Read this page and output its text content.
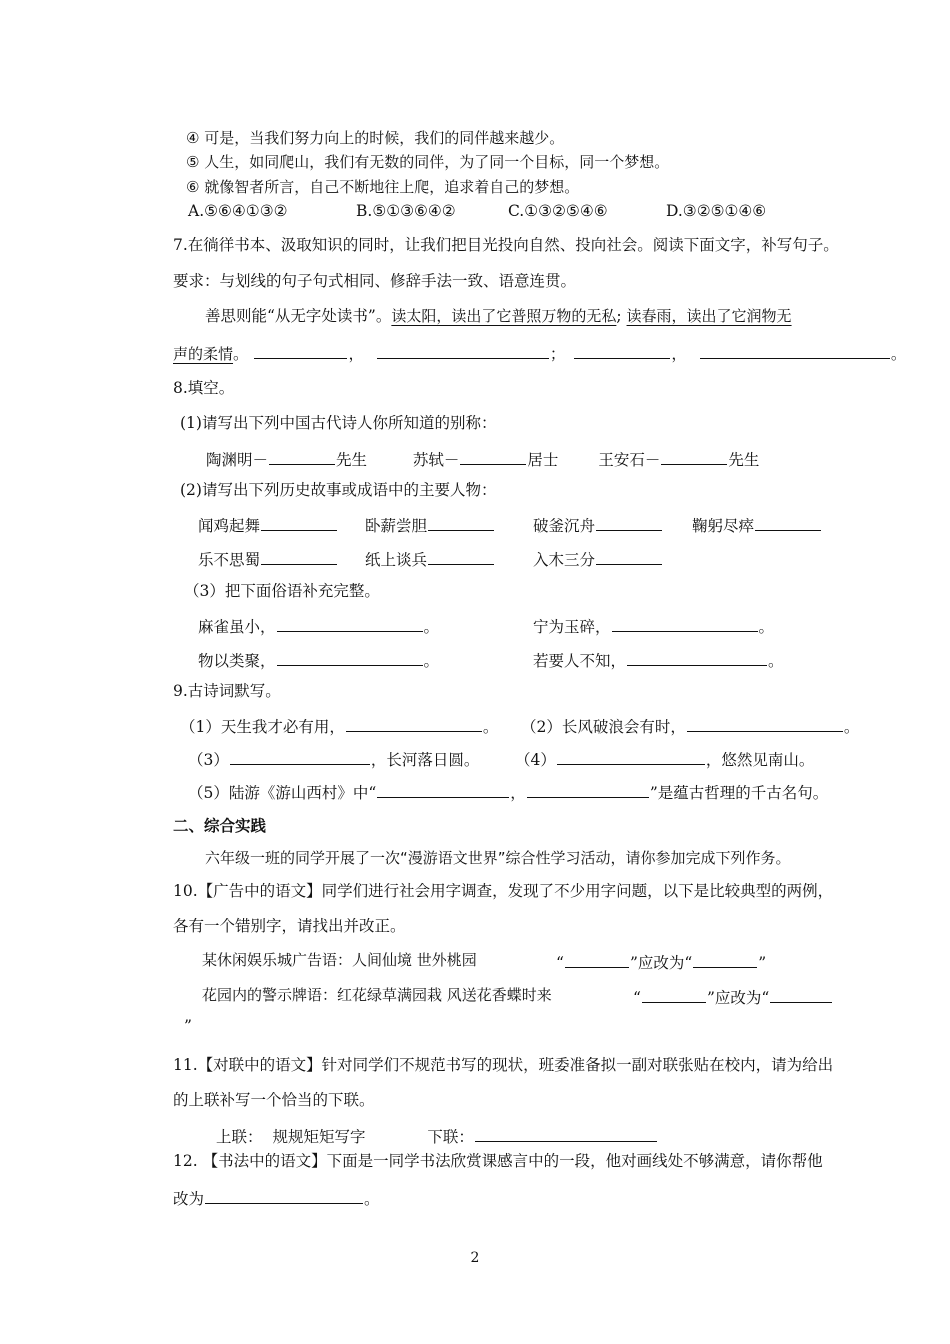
④ 可是，当我们努力向上的时候，我们的同伴越来越少。
⑤ 人生，如同爬山，我们有无数的同伴，为了同一个目标，同一个梦想。
⑥ 就像智者所言，自己不断地往上爬，追求着自己的梦想。
A.⑤⑥④①③②	B.⑤①③⑥④②	C.①③②⑤④⑥	D.③②⑤①④⑥
7.在徜徉书本、汲取知识的同时，让我们把目光投向自然、投向社会。阅读下面文字，补写句子。
要求：与划线的句子句式相同、修辞手法一致、语意连贯。
善思则能“从无字处读书”。读太阳，读出了它普照万物的无私; 读春雨，读出了它润物无
声的柔情。	，	；	，	。
8.填空。
(1)请写出下列中国古代诗人你所知道的别称：
陶渊明－	先生	苏轼－	居士	王安石－	先生
(2)请写出下列历史故事或成语中的主要人物：
闻鸡起舞	卧薪尝胆	破釜沉舟	鞠躬尽瘁
乐不思蜀	纸上谈兵	入木三分
（3）把下面俗语补充完整。
麻雀虽小，	。	宁为玉碎，	。
物以类聚，	。	若要人不知，	。
9.古诗词默写。
（1）天生我才必有用，	。 （2）长风破浪会有时，	。
（3）	，长河落日圆。 （4）	，悠然见南山。
（5）陆游《游山西村》中“	，	”是蕴古哲理的千古名句。
二、综合实践
六年级一班的同学开展了一次“漫游语文世界”综合性学习活动，请你参加完成下列作务。
10.【广告中的语文】同学们进行社会用字调查，发现了不少用字问题，以下是比较典型的两例，
各有一个错别字，请找出并改正。
某休闲娱乐城广告语：人间仙境 世外桃园	“	”应改为“	”
花园内的警示牌语：红花绿草满园栽 风送花香蝶时来	“	”应改为“
”
11.【对联中的语文】针对同学们不规范书写的现状，班委准备拟一副对联张贴在校内，请为给出
的上联补写一个恰当的下联。
上联： 规规矩矩写字	下联：
12. 【书法中的语文】下面是一同学书法欣赏课感言中的一段，他对画线处不够满意，请你帮他
改为	。
2
